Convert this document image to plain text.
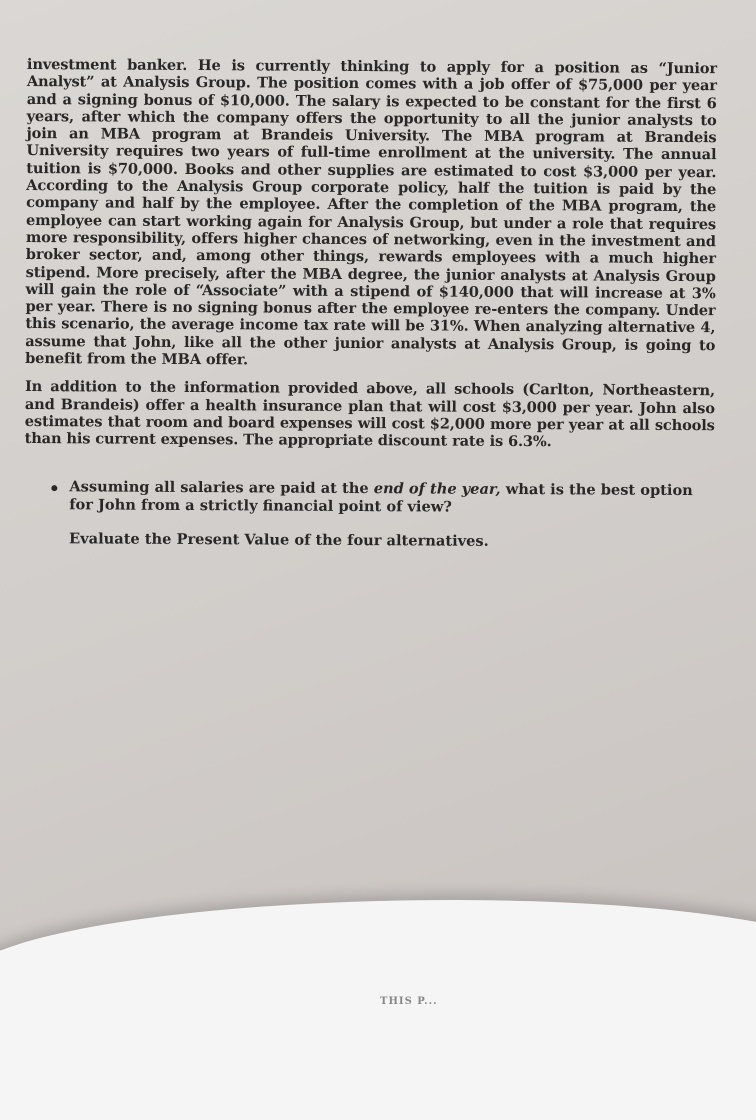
investment banker. He is currently thinking to apply for a position as “Junior Analyst” at Analysis Group. The position comes with a job offer of $75,000 per year and a signing bonus of $10,000. The salary is expected to be constant for the first 6 years, after which the company offers the opportunity to all the junior analysts to join an MBA program at Brandeis University. The MBA program at Brandeis University requires two years of full-time enrollment at the university. The annual tuition is $70,000. Books and other supplies are estimated to cost $3,000 per year. According to the Analysis Group corporate policy, half the tuition is paid by the company and half by the employee. After the completion of the MBA program, the employee can start working again for Analysis Group, but under a role that requires more responsibility, offers higher chances of networking, even in the investment and broker sector, and, among other things, rewards employees with a much higher stipend. More precisely, after the MBA degree, the junior analysts at Analysis Group will gain the role of “Associate” with a stipend of $140,000 that will increase at 3% per year. There is no signing bonus after the employee re-enters the company. Under this scenario, the average income tax rate will be 31%. When analyzing alternative 4, assume that John, like all the other junior analysts at Analysis Group, is going to benefit from the MBA offer.

In addition to the information provided above, all schools (Carlton, Northeastern, and Brandeis) offer a health insurance plan that will cost $3,000 per year. John also estimates that room and board expenses will cost $2,000 more per year at all schools than his current expenses. The appropriate discount rate is 6.3%.

Assuming all salaries are paid at the end of the year, what is the best option for John from a strictly financial point of view?

Evaluate the Present Value of the four alternatives.

THIS P...
